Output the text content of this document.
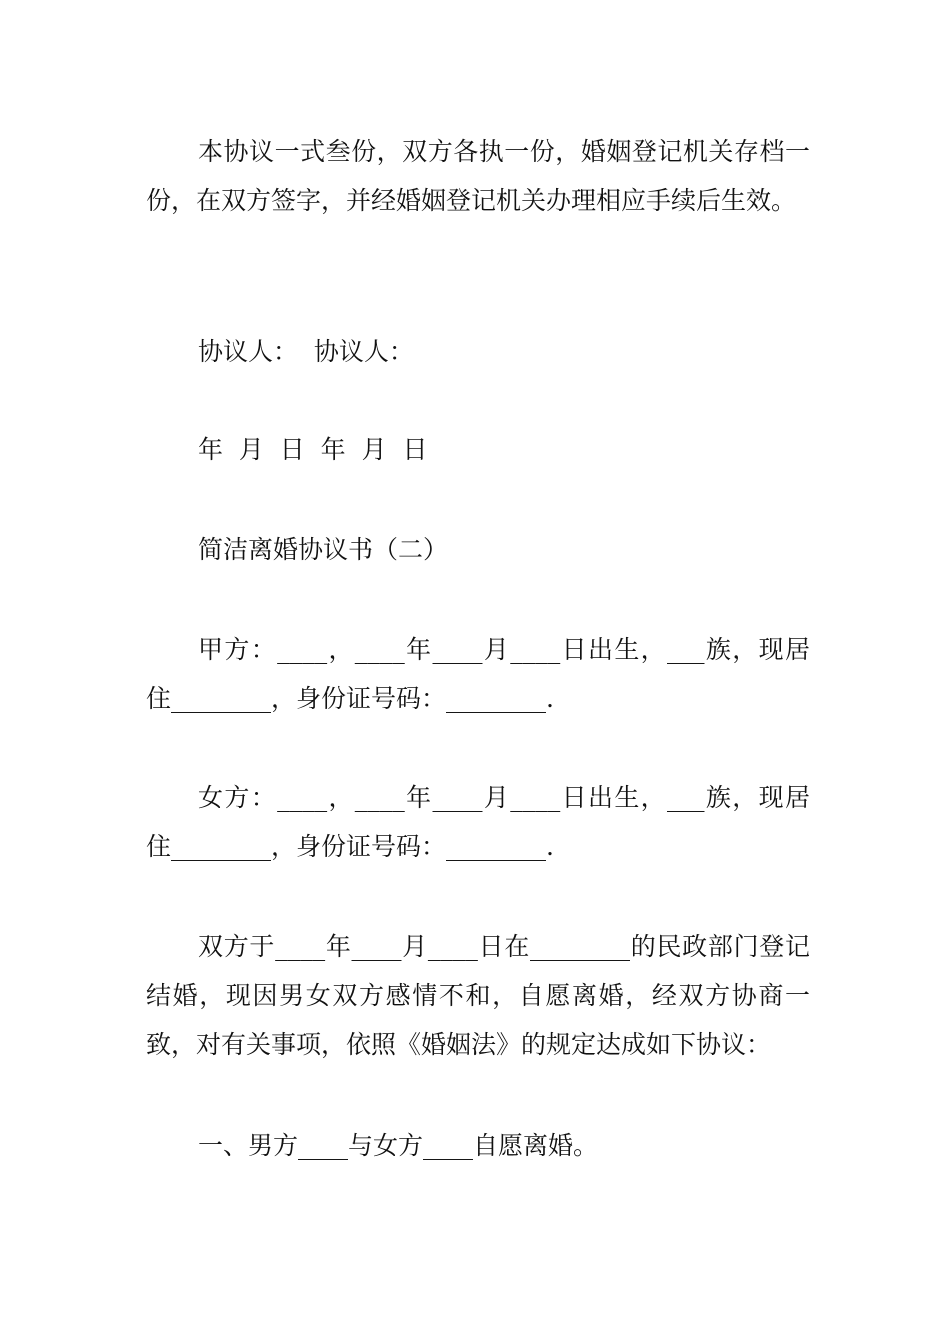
本协议一式叁份，双方各执一份，婚姻登记机关存档一份，在双方签字，并经婚姻登记机关办理相应手续后生效。

协议人：  协议人：

年  月  日  年  月  日

简洁离婚协议书（二）

甲方：____，____年____月____日出生，___族，现居住________，身份证号码：________.

女方：____，____年____月____日出生，___族，现居住________，身份证号码：________.

双方于____年____月____日在________的民政部门登记结婚，现因男女双方感情不和，自愿离婚，经双方协商一致，对有关事项，依照《婚姻法》的规定达成如下协议：

一、男方____与女方____自愿离婚。
